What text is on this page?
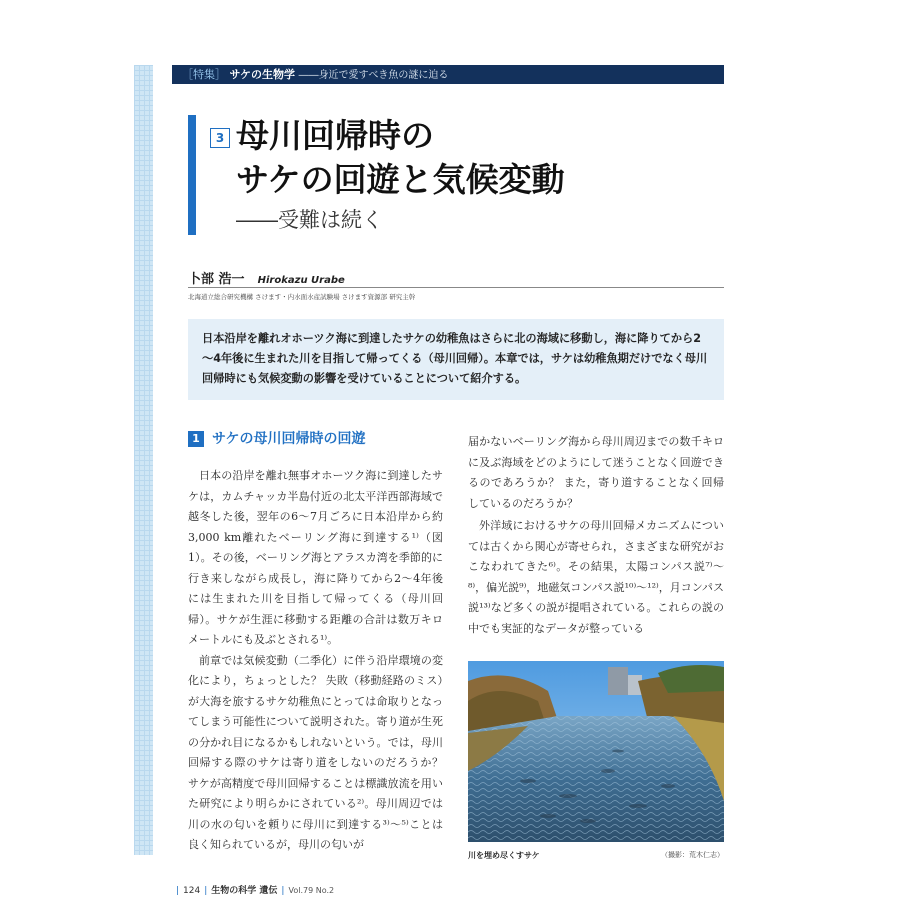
［特集］ サケの生物学 ――身近で愛すべき魚の謎に迫る
3 母川回帰時の
サケの回遊と気候変動
――受難は続く
卜部 浩一 Hirokazu Urabe
北海道立総合研究機構 さけます・内水面水産試験場 さけます資源部 研究主幹
日本沿岸を離れオホーツク海に到達したサケの幼稚魚はさらに北の海域に移動し，海に降りてから2～4年後に生まれた川を目指して帰ってくる（母川回帰）。本章では，サケは幼稚魚期だけでなく母川回帰時にも気候変動の影響を受けていることについて紹介する。
1 サケの母川回帰時の回遊

日本の沿岸を離れ無事オホーツク海に到達したサケは，カムチャッカ半島付近の北太平洋西部海域で越冬した後，翌年の6～7月ごろに日本沿岸から約3,000 km離れたベーリング海に到達する¹⁾（図1）。その後，ベーリング海とアラスカ湾を季節的に行き来しながら成長し，海に降りてから2～4年後には生まれた川を目指して帰ってくる（母川回帰）。サケが生涯に移動する距離の合計は数万キロメートルにも及ぶとされる¹⁾。

前章では気候変動（二季化）に伴う沿岸環境の変化により，ちょっとした？ 失敗（移動経路のミス）が大海を旅するサケ幼稚魚にとっては命取りとなってしまう可能性について説明された。寄り道が生死の分かれ目になるかもしれないという。では，母川回帰する際のサケは寄り道をしないのだろうか？ サケが高精度で母川回帰することは標識放流を用いた研究により明らかにされている²⁾。母川周辺では川の水の匂いを頼りに母川に到達する³⁾～⁵⁾ことは良く知られているが，母川の匂いが

届かないベーリング海から母川周辺までの数千キロに及ぶ海域をどのようにして迷うことなく回遊できるのであろうか？ また，寄り道することなく回帰しているのだろうか？

外洋域におけるサケの母川回帰メカニズムについては古くから関心が寄せられ，さまざまな研究がおこなわれてきた⁶⁾。その結果，太陽コンパス説⁷⁾～⁸⁾，偏光説⁹⁾，地磁気コンパス説¹⁰⁾～¹²⁾，月コンパス説¹³⁾など多くの説が提唱されている。これらの説の中でも実証的なデータが整っている

川を埋め尽くすサケ	（撮影：荒木仁志）
| 124 | 生物の科学 遺伝 | Vol.79 No.2
